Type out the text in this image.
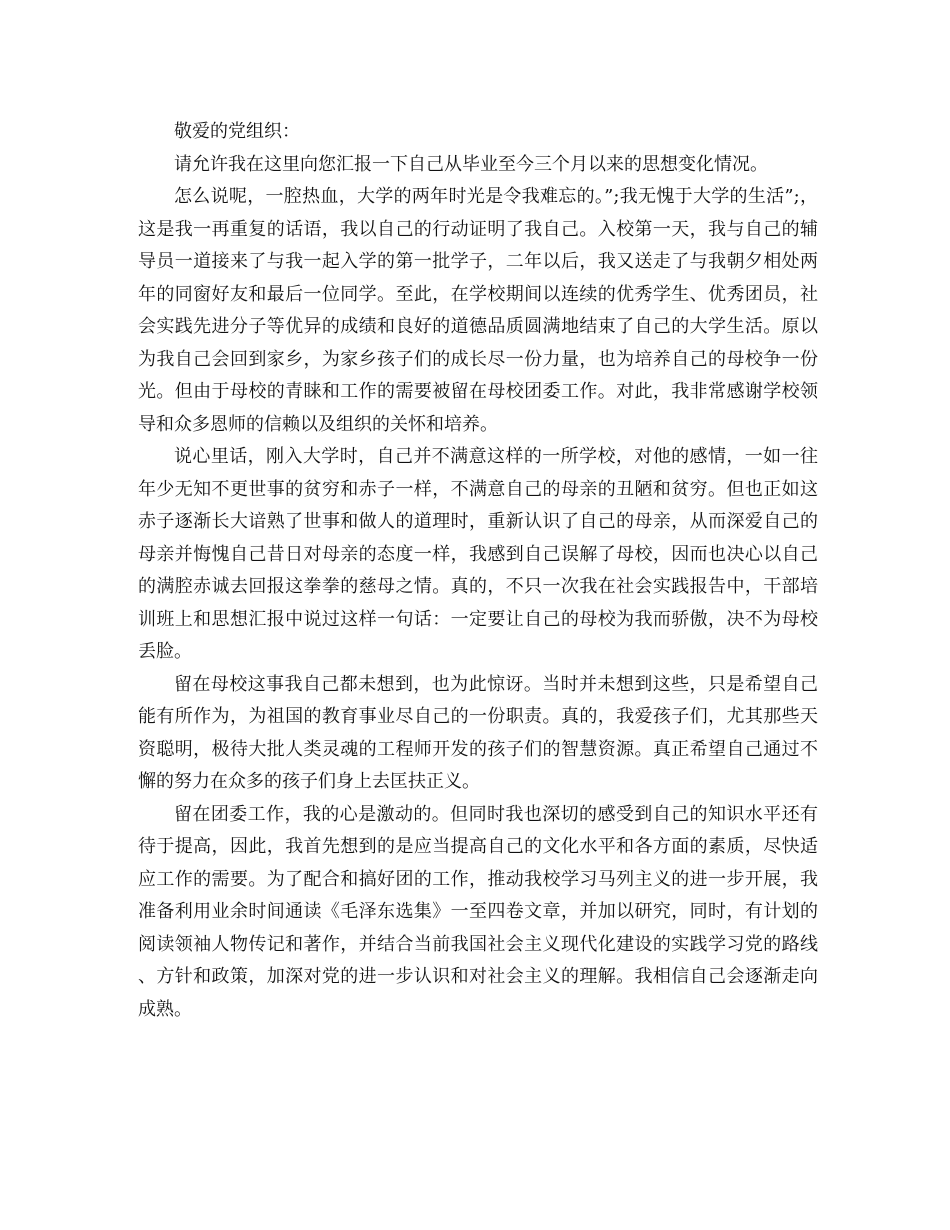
敬爱的党组织：

请允许我在这里向您汇报一下自己从毕业至今三个月以来的思想变化情况。

怎么说呢，一腔热血，大学的两年时光是令我难忘的。”;我无愧于大学的生活”;，这是我一再重复的话语，我以自己的行动证明了我自己。入校第一天，我与自己的辅导员一道接来了与我一起入学的第一批学子，二年以后，我又送走了与我朝夕相处两年的同窗好友和最后一位同学。至此，在学校期间以连续的优秀学生、优秀团员，社会实践先进分子等优异的成绩和良好的道德品质圆满地结束了自己的大学生活。原以为我自己会回到家乡，为家乡孩子们的成长尽一份力量，也为培养自己的母校争一份光。但由于母校的青睐和工作的需要被留在母校团委工作。对此，我非常感谢学校领导和众多恩师的信赖以及组织的关怀和培养。

说心里话，刚入大学时，自己并不满意这样的一所学校，对他的感情，一如一往年少无知不更世事的贫穷和赤子一样，不满意自己的母亲的丑陋和贫穷。但也正如这赤子逐渐长大谙熟了世事和做人的道理时，重新认识了自己的母亲，从而深爱自己的母亲并悔愧自己昔日对母亲的态度一样，我感到自己误解了母校，因而也决心以自己的满腔赤诚去回报这拳拳的慈母之情。真的，不只一次我在社会实践报告中，干部培训班上和思想汇报中说过这样一句话：一定要让自己的母校为我而骄傲，决不为母校丢脸。

留在母校这事我自己都未想到，也为此惊讶。当时并未想到这些，只是希望自己能有所作为，为祖国的教育事业尽自己的一份职责。真的，我爱孩子们，尤其那些天资聪明，极待大批人类灵魂的工程师开发的孩子们的智慧资源。真正希望自己通过不懈的努力在众多的孩子们身上去匡扶正义。

留在团委工作，我的心是激动的。但同时我也深切的感受到自己的知识水平还有待于提高，因此，我首先想到的是应当提高自己的文化水平和各方面的素质，尽快适应工作的需要。为了配合和搞好团的工作，推动我校学习马列主义的进一步开展，我准备利用业余时间通读《毛泽东选集》一至四卷文章，并加以研究，同时，有计划的阅读领袖人物传记和著作，并结合当前我国社会主义现代化建设的实践学习党的路线、方针和政策，加深对党的进一步认识和对社会主义的理解。我相信自己会逐渐走向成熟。
